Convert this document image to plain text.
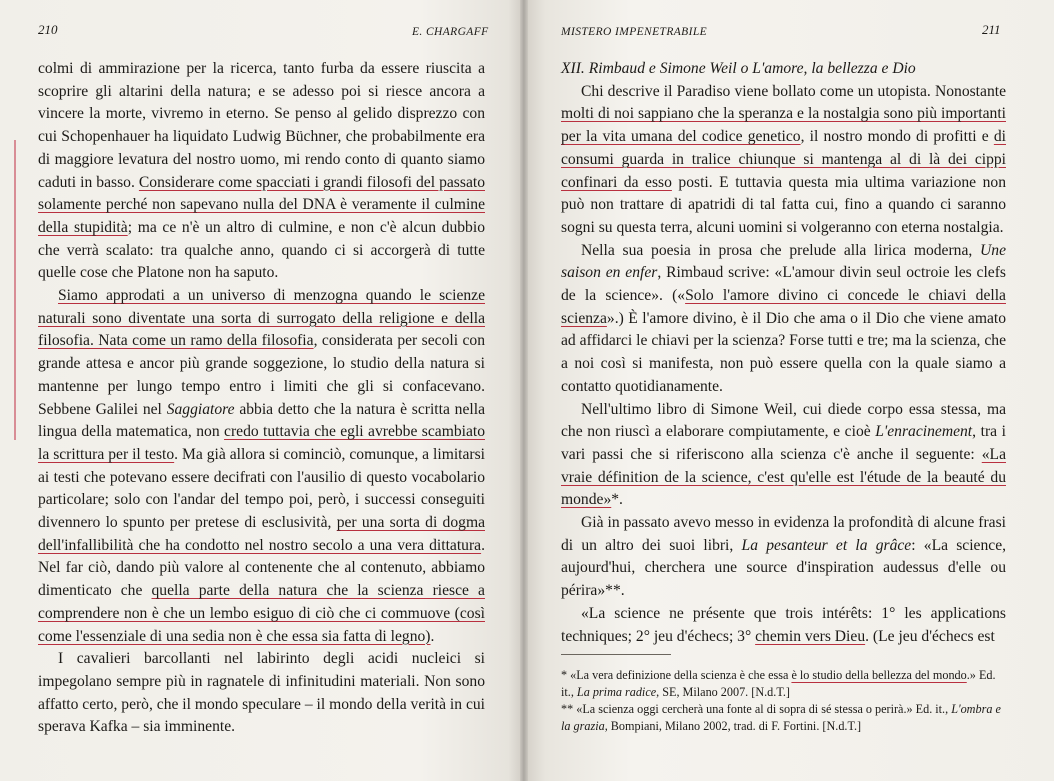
210	E. CHARGAFF

colmi di ammirazione per la ricerca, tanto furba da essere riuscita a scoprire gli altarini della natura; e se adesso poi si riesce ancora a vincere la morte, vivremo in eterno. Se penso al gelido disprezzo con cui Schopenhauer ha liquidato Ludwig Büchner, che probabilmente era di maggiore levatura del nostro uomo, mi rendo conto di quanto siamo caduti in basso. Considerare come spacciati i grandi filosofi del passato solamente perché non sapevano nulla del DNA è veramente il culmine della stupidità; ma ce n'è un altro di culmine, e non c'è alcun dubbio che verrà scalato: tra qualche anno, quando ci si accorgerà di tutte quelle cose che Platone non ha saputo.

Siamo approdati a un universo di menzogna quando le scienze naturali sono diventate una sorta di surrogato della religione e della filosofia. Nata come un ramo della filosofia, considerata per secoli con grande attesa e ancor più grande soggezione, lo studio della natura si mantenne per lungo tempo entro i limiti che gli si confacevano. Sebbene Galilei nel Saggiatore abbia detto che la natura è scritta nella lingua della matematica, non credo tuttavia che egli avrebbe scambiato la scrittura per il testo. Ma già allora si cominciò, comunque, a limitarsi ai testi che potevano essere decifrati con l'ausilio di questo vocabolario particolare; solo con l'andar del tempo poi, però, i successi conseguiti divennero lo spunto per pretese di esclusività, per una sorta di dogma dell'infallibilità che ha condotto nel nostro secolo a una vera dittatura. Nel far ciò, dando più valore al contenente che al contenuto, abbiamo dimenticato che quella parte della natura che la scienza riesce a comprendere non è che un lembo esiguo di ciò che ci commuove (così come l'essenziale di una sedia non è che essa sia fatta di legno).

I cavalieri barcollanti nel labirinto degli acidi nucleici si impegolano sempre più in ragnatele di infinitudini materiali. Non sono affatto certo, però, che il mondo speculare – il mondo della verità in cui sperava Kafka – sia imminente.

MISTERO IMPENETRABILE	211

XII. Rimbaud e Simone Weil o L'amore, la bellezza e Dio

Chi descrive il Paradiso viene bollato come un utopista. Nonostante molti di noi sappiano che la speranza e la nostalgia sono più importanti per la vita umana del codice genetico, il nostro mondo di profitti e di consumi guarda in tralice chiunque si mantenga al di là dei cippi confinari da esso posti. E tuttavia questa mia ultima variazione non può non trattare di apatridi di tal fatta cui, fino a quando ci saranno sogni su questa terra, alcuni uomini si volgeranno con eterna nostalgia.

Nella sua poesia in prosa che prelude alla lirica moderna, Une saison en enfer, Rimbaud scrive: «L'amour divin seul octroie les clefs de la science». («Solo l'amore divino ci concede le chiavi della scienza».) È l'amore divino, è il Dio che ama o il Dio che viene amato ad affidarci le chiavi per la scienza? Forse tutti e tre; ma la scienza, che a noi così si manifesta, non può essere quella con la quale siamo a contatto quotidianamente.

Nell'ultimo libro di Simone Weil, cui diede corpo essa stessa, ma che non riuscì a elaborare compiutamente, e cioè L'enracinement, tra i vari passi che si riferiscono alla scienza c'è anche il seguente: «La vraie définition de la science, c'est qu'elle est l'étude de la beauté du monde»*.

Già in passato avevo messo in evidenza la profondità di alcune frasi di un altro dei suoi libri, La pesanteur et la grâce: «La science, aujourd'hui, cherchera une source d'inspiration audessus d'elle ou périra»**.

«La science ne présente que trois intérêts: 1° les applications techniques; 2° jeu d'échecs; 3° chemin vers Dieu. (Le jeu d'échecs est

* «La vera definizione della scienza è che essa è lo studio della bellezza del mondo.» Ed. it., La prima radice, SE, Milano 2007. [N.d.T.]

** «La scienza oggi cercherà una fonte al di sopra di sé stessa o perirà.» Ed. it., L'ombra e la grazia, Bompiani, Milano 2002, trad. di F. Fortini. [N.d.T.]
